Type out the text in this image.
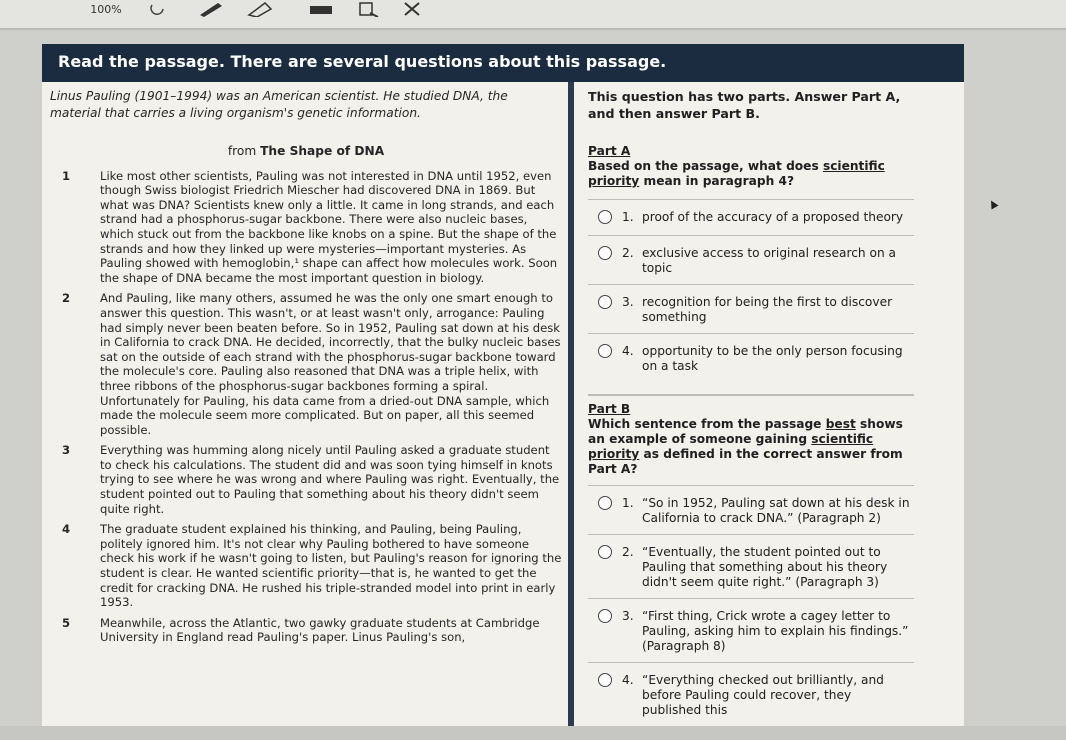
100%
Read the passage. There are several questions about this passage.

Linus Pauling (1901–1994) was an American scientist. He studied DNA, the material that carries a living organism's genetic information.

from The Shape of DNA

1	Like most other scientists, Pauling was not interested in DNA until 1952, even though Swiss biologist Friedrich Miescher had discovered DNA in 1869. But what was DNA? Scientists knew only a little. It came in long strands, and each strand had a phosphorus-sugar backbone. There were also nucleic bases, which stuck out from the backbone like knobs on a spine. But the shape of the strands and how they linked up were mysteries—important mysteries. As Pauling showed with hemoglobin,¹ shape can affect how molecules work. Soon the shape of DNA became the most important question in biology.
2	And Pauling, like many others, assumed he was the only one smart enough to answer this question. This wasn't, or at least wasn't only, arrogance: Pauling had simply never been beaten before. So in 1952, Pauling sat down at his desk in California to crack DNA. He decided, incorrectly, that the bulky nucleic bases sat on the outside of each strand with the phosphorus-sugar backbone toward the molecule's core. Pauling also reasoned that DNA was a triple helix, with three ribbons of the phosphorus-sugar backbones forming a spiral. Unfortunately for Pauling, his data came from a dried-out DNA sample, which made the molecule seem more complicated. But on paper, all this seemed possible.
3	Everything was humming along nicely until Pauling asked a graduate student to check his calculations. The student did and was soon tying himself in knots trying to see where he was wrong and where Pauling was right. Eventually, the student pointed out to Pauling that something about his theory didn't seem quite right.
4	The graduate student explained his thinking, and Pauling, being Pauling, politely ignored him. It's not clear why Pauling bothered to have someone check his work if he wasn't going to listen, but Pauling's reason for ignoring the student is clear. He wanted scientific priority—that is, he wanted to get the credit for cracking DNA. He rushed his triple-stranded model into print in early 1953.
5	Meanwhile, across the Atlantic, two gawky graduate students at Cambridge University in England read Pauling's paper. Linus Pauling's son,

This question has two parts. Answer Part A, and then answer Part B.

Part A

Based on the passage, what does scientific priority mean in paragraph 4?

1. proof of the accuracy of a proposed theory
2. exclusive access to original research on a topic
3. recognition for being the first to discover something
4. opportunity to be the only person focusing on a task

Part B

Which sentence from the passage best shows an example of someone gaining scientific priority as defined in the correct answer from Part A?

1. “So in 1952, Pauling sat down at his desk in California to crack DNA.” (Paragraph 2)
2. “Eventually, the student pointed out to Pauling that something about his theory didn't seem quite right.” (Paragraph 3)
3. “First thing, Crick wrote a cagey letter to Pauling, asking him to explain his findings.” (Paragraph 8)
4. “Everything checked out brilliantly, and before Pauling could recover, they published this
